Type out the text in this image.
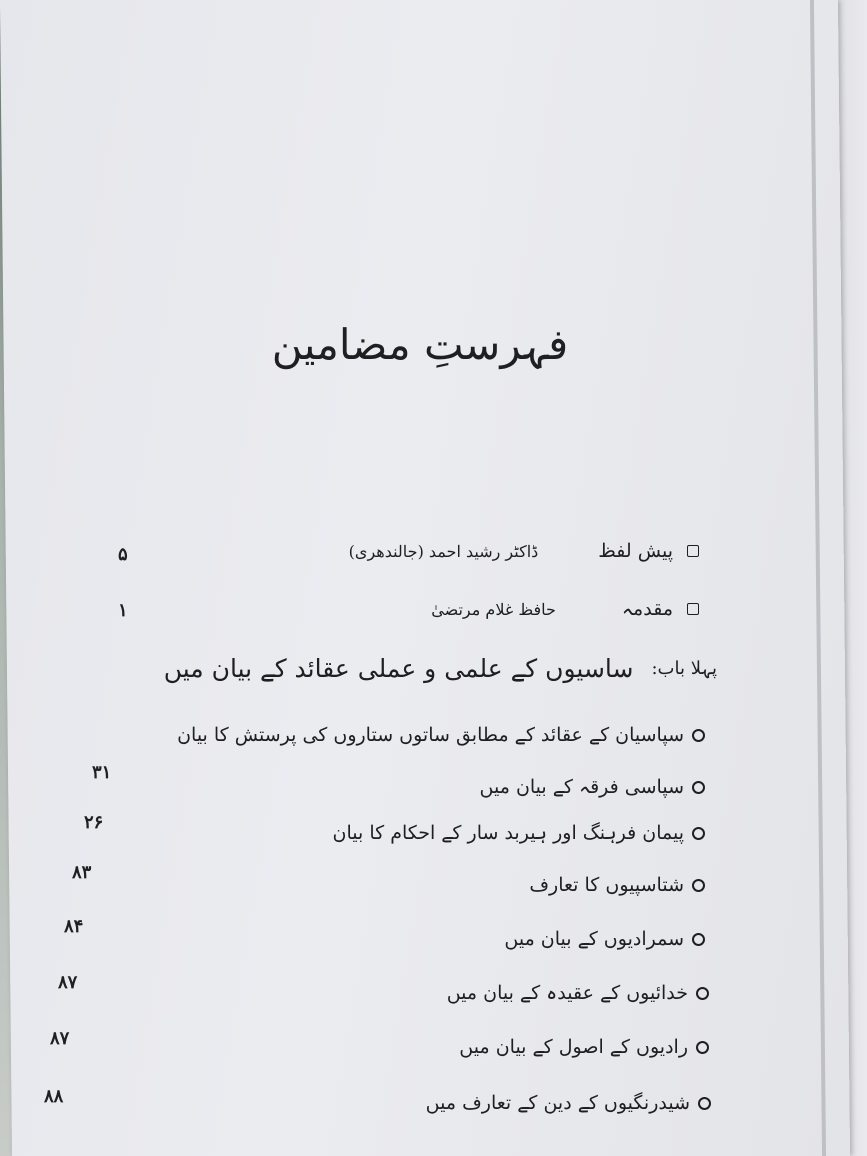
فہرستِ مضامین
پیش لفظ
ڈاکٹر رشید احمد (جالندھری)
۵
مقدمہ
حافظ غلام مرتضیٰ
۱
پہلا باب:
ساسیوں کے علمی و عملی عقائد کے بیان میں
سپاسیان کے عقائد کے مطابق ساتوں ستاروں کی پرستش کا بیان
سپاسی فرقہ کے بیان میں
۳۱
پیمان فرہنگ اور ہیربد سار کے احکام کا بیان
۲۶
شتاسپیوں کا تعارف
۸۳
سمرادیوں کے بیان میں
۸۴
خدائیوں کے عقیدہ کے بیان میں
۸۷
رادیوں کے اصول کے بیان میں
۸۷
شیدرنگیوں کے دین کے تعارف میں
۸۸
